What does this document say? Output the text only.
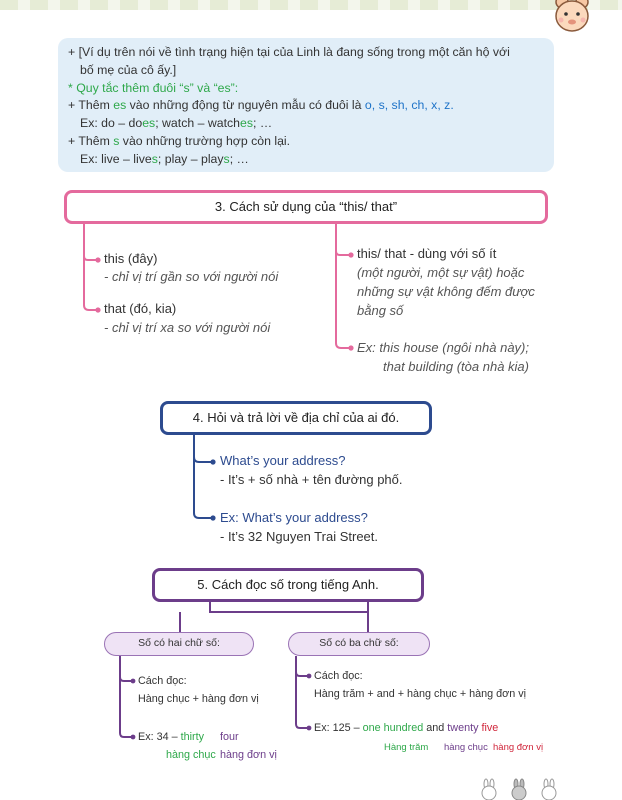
+ [Ví dụ trên nói về tình trạng hiện tại của Linh là đang sống trong một căn hộ với
bố mẹ của cô ấy.]
* Quy tắc thêm đuôi “s” và “es”:
+ Thêm es vào những động từ nguyên mẫu có đuôi là o, s, sh, ch, x, z.
Ex: do – does; watch – watches; …
+ Thêm s vào những trường hợp còn lại.
Ex: live – lives; play – plays; …
3. Cách sử dụng của “this/ that”
this (đây)
- chỉ vị trí gần so với người nói
that (đó, kia)
- chỉ vị trí xa so với người nói
this/ that - dùng với số ít
(một người, một sự vật) hoặc
những sự vật không đếm được
bằng số
Ex: this house (ngôi nhà này);
that building (tòa nhà kia)
4. Hỏi và trả lời về địa chỉ của ai đó.
What’s your address?
- It’s + số nhà + tên đường phố.
Ex: What’s your address?
- It’s 32 Nguyen Trai Street.
5. Cách đọc số trong tiếng Anh.
Số có hai chữ số:	Số có ba chữ số:
Cách đọc:
Hàng chục + hàng đơn vị
Ex: 34 – thirty four
hàng chục hàng đơn vị
Cách đọc:
Hàng trăm + and + hàng chục + hàng đơn vị
Ex: 125 – one hundred and twenty five
Hàng trăm hàng chục hàng đơn vị
